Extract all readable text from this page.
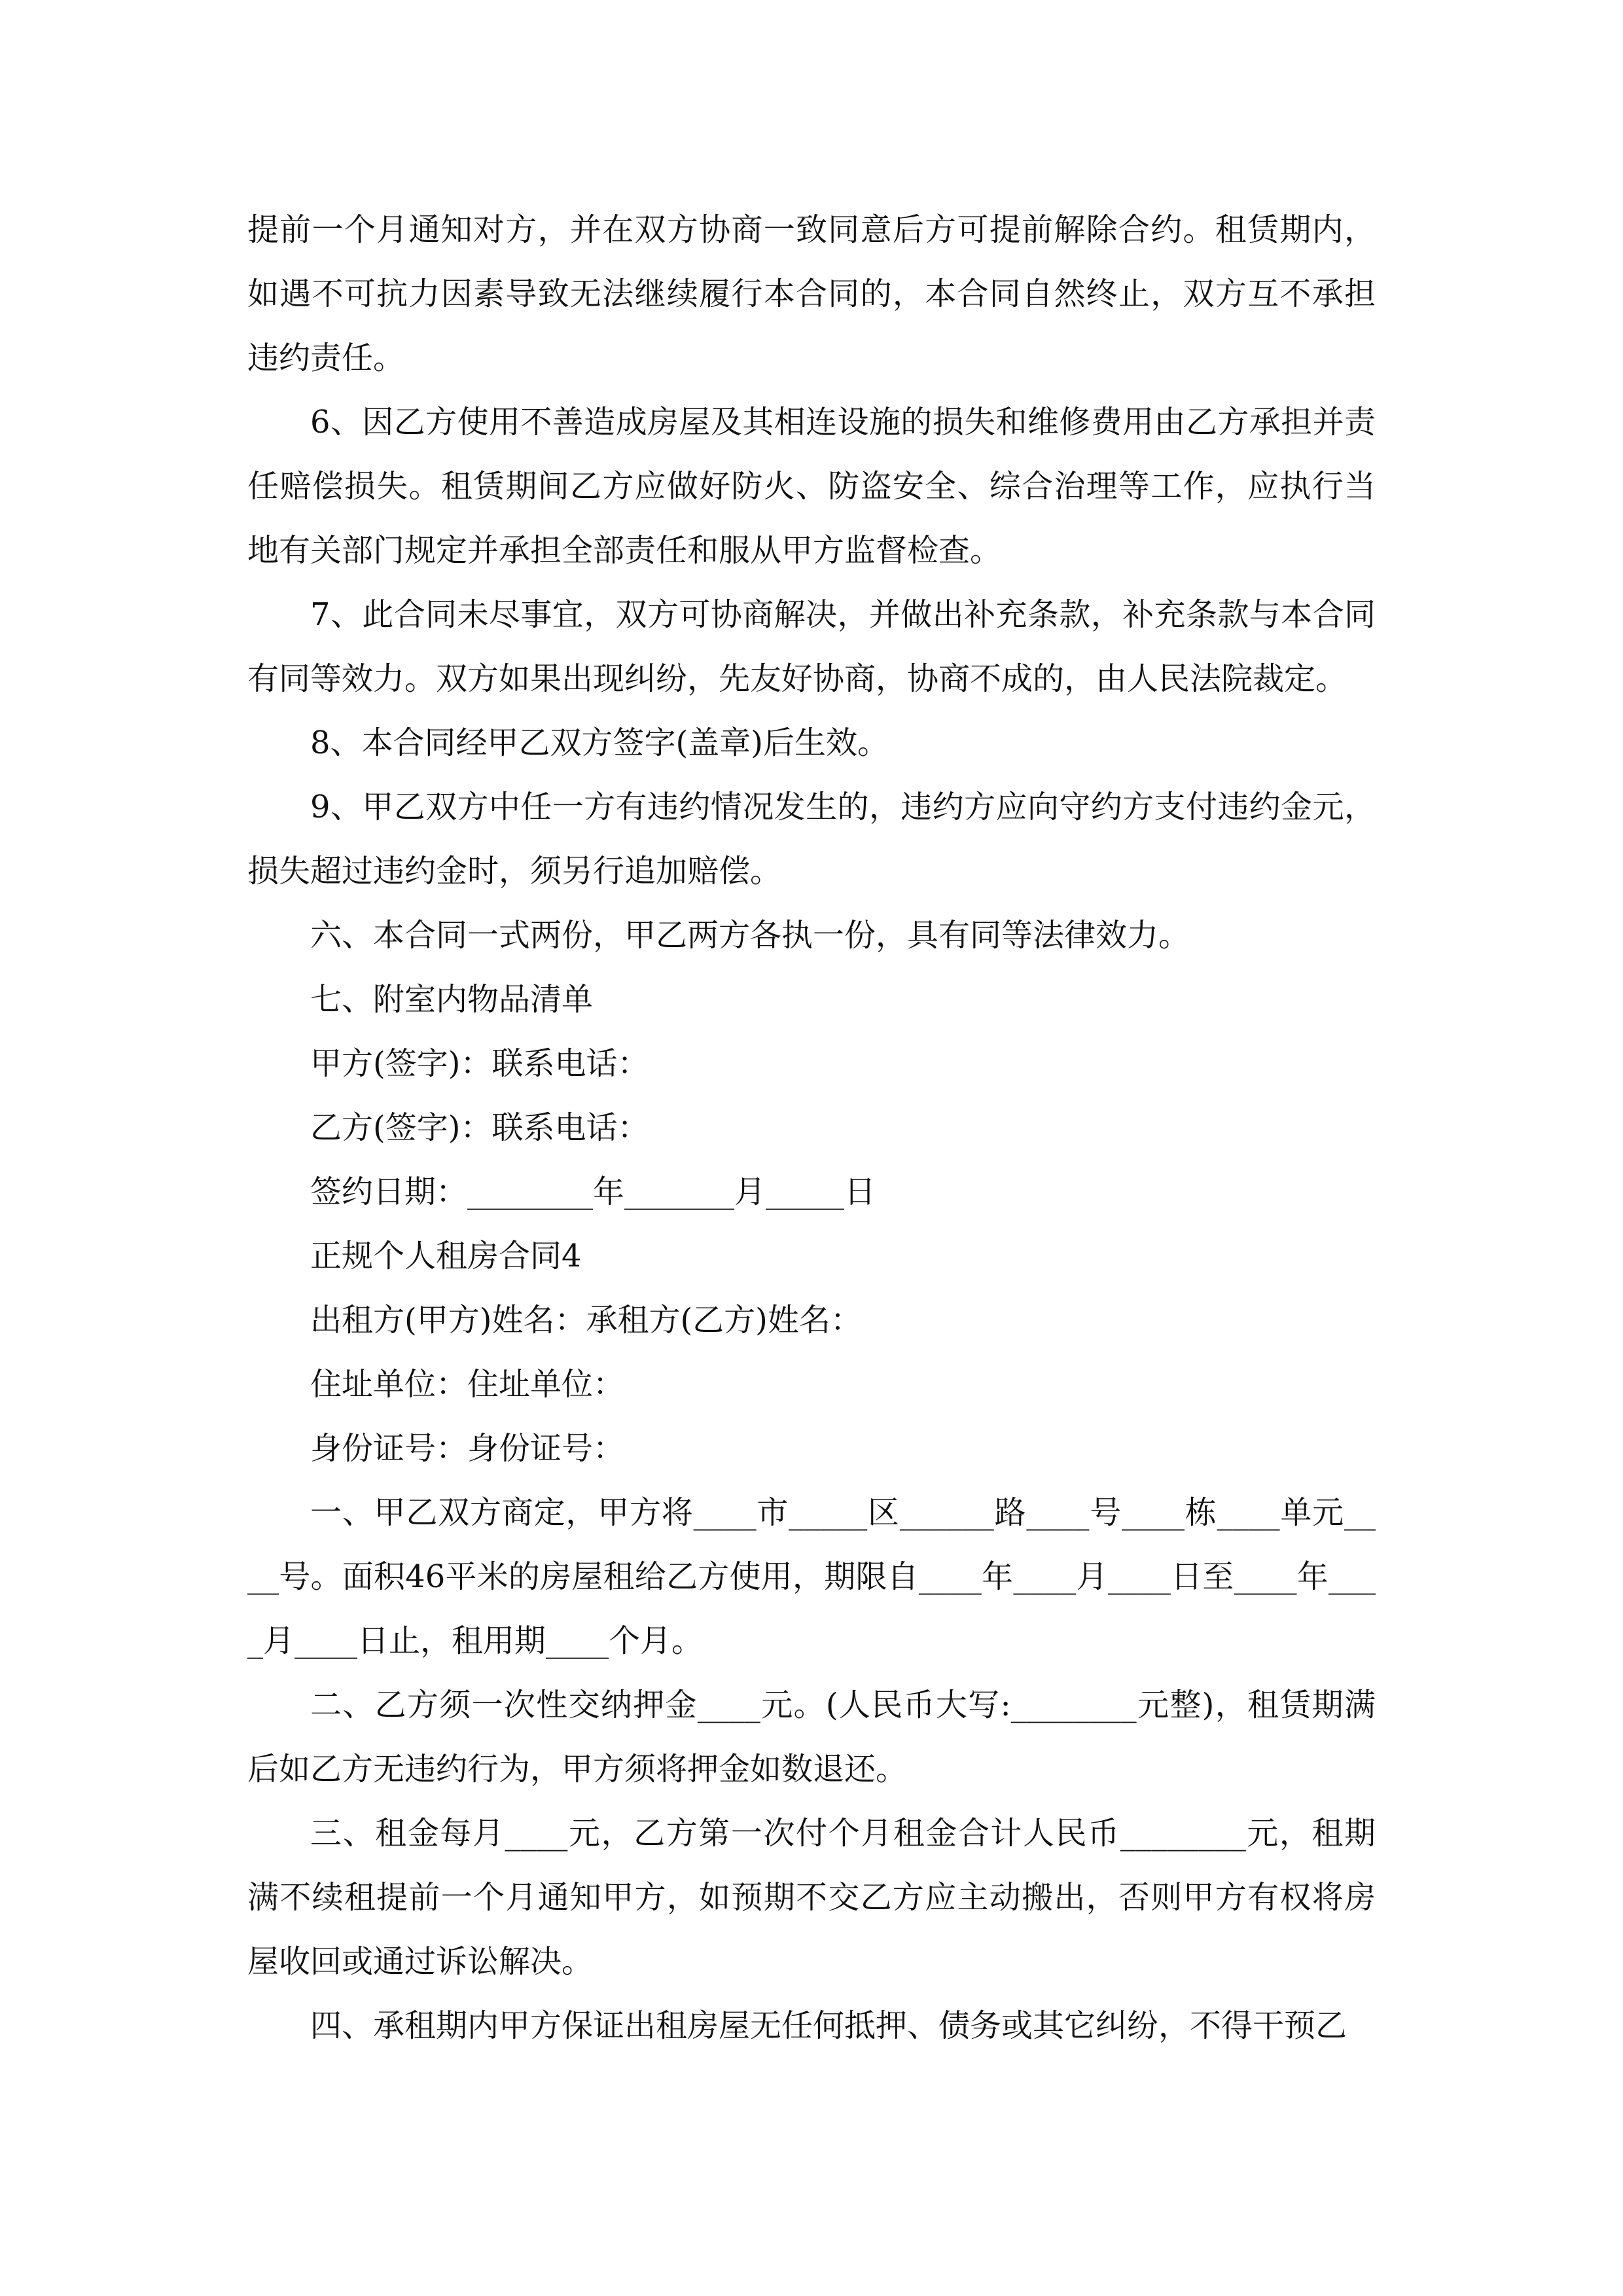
提前一个月通知对方，并在双方协商一致同意后方可提前解除合约。租赁期内，如遇不可抗力因素导致无法继续履行本合同的，本合同自然终止，双方互不承担违约责任。

6、因乙方使用不善造成房屋及其相连设施的损失和维修费用由乙方承担并责任赔偿损失。租赁期间乙方应做好防火、防盗安全、综合治理等工作，应执行当地有关部门规定并承担全部责任和服从甲方监督检查。

7、此合同未尽事宜，双方可协商解决，并做出补充条款，补充条款与本合同有同等效力。双方如果出现纠纷，先友好协商，协商不成的，由人民法院裁定。

8、本合同经甲乙双方签字(盖章)后生效。

9、甲乙双方中任一方有违约情况发生的，违约方应向守约方支付违约金元，损失超过违约金时，须另行追加赔偿。

六、本合同一式两份，甲乙两方各执一份，具有同等法律效力。

七、附室内物品清单

甲方(签字)：联系电话：

乙方(签字)：联系电话：

签约日期：________年_______月_____日

正规个人租房合同4

出租方(甲方)姓名：承租方(乙方)姓名：

住址单位：住址单位：

身份证号：身份证号：

一、甲乙双方商定，甲方将____市_____区______路____号____栋____单元____号。面积46平米的房屋租给乙方使用，期限自____年____月____日至____年____月____日止，租用期____个月。

二、乙方须一次性交纳押金____元。(人民币大写:________元整)，租赁期满后如乙方无违约行为，甲方须将押金如数退还。

三、租金每月____元，乙方第一次付个月租金合计人民币________元，租期满不续租提前一个月通知甲方，如预期不交乙方应主动搬出，否则甲方有权将房屋收回或通过诉讼解决。

四、承租期内甲方保证出租房屋无任何抵押、债务或其它纠纷，不得干预乙
